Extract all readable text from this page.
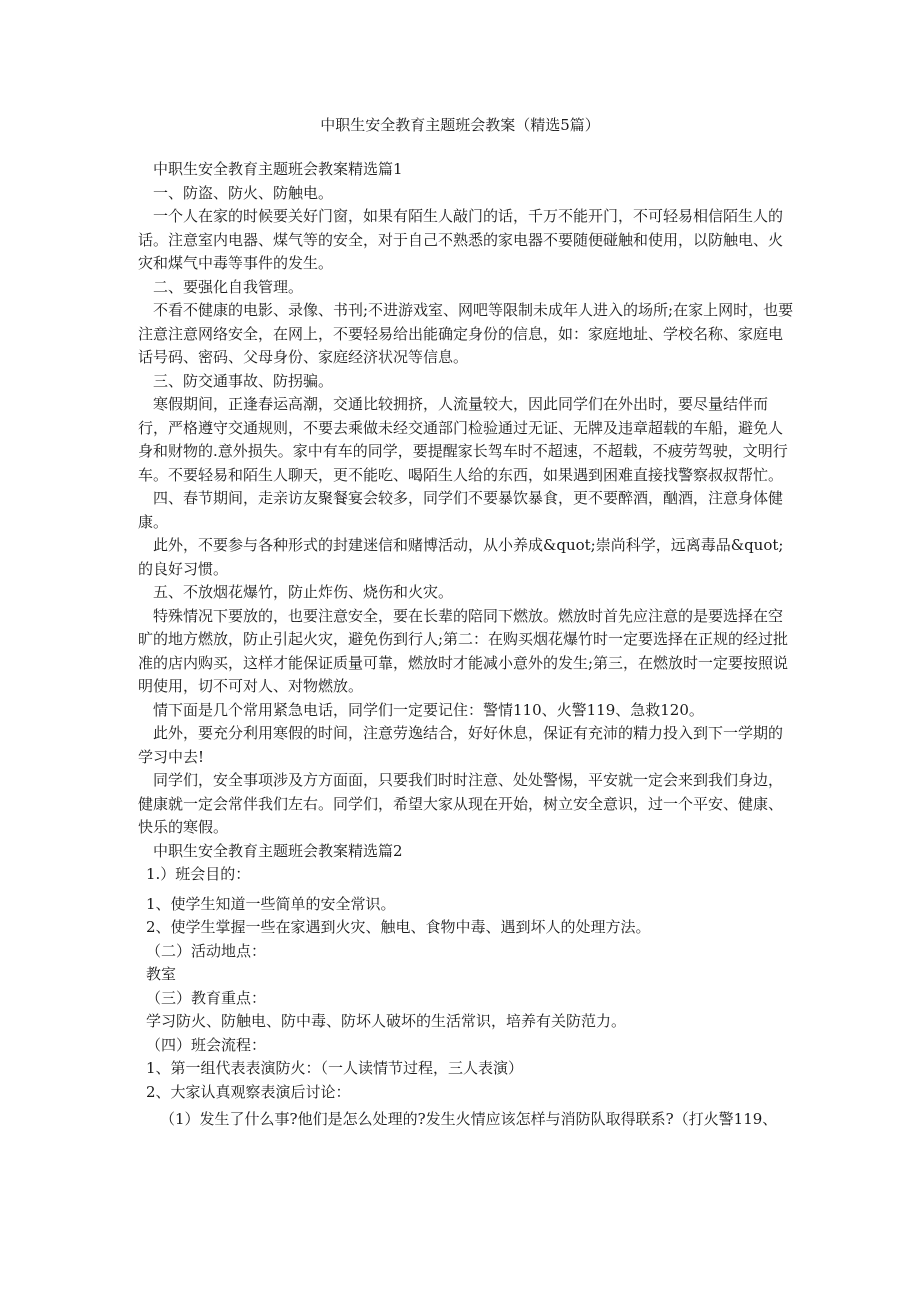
中职生安全教育主题班会教案（精选5篇）

中职生安全教育主题班会教案精选篇1

一、防盗、防火、防触电。

一个人在家的时候要关好门窗，如果有陌生人敲门的话，千万不能开门，不可轻易相信陌生人的话。注意室内电器、煤气等的安全，对于自己不熟悉的家电器不要随便碰触和使用，以防触电、火灾和煤气中毒等事件的发生。

二、要强化自我管理。

不看不健康的电影、录像、书刊;不进游戏室、网吧等限制未成年人进入的场所;在家上网时，也要注意注意网络安全，在网上，不要轻易给出能确定身份的信息，如：家庭地址、学校名称、家庭电话号码、密码、父母身份、家庭经济状况等信息。

三、防交通事故、防拐骗。

寒假期间，正逢春运高潮，交通比较拥挤，人流量较大，因此同学们在外出时，要尽量结伴而行，严格遵守交通规则，不要去乘做未经交通部门检验通过无证、无牌及违章超载的车船，避免人身和财物的.意外损失。家中有车的同学，要提醒家长驾车时不超速，不超载，不疲劳驾驶，文明行车。不要轻易和陌生人聊天，更不能吃、喝陌生人给的东西，如果遇到困难直接找警察叔叔帮忙。

四、春节期间，走亲访友聚餐宴会较多，同学们不要暴饮暴食，更不要醉酒，酗酒，注意身体健康。

此外，不要参与各种形式的封建迷信和赌博活动，从小养成&quot;崇尚科学，远离毒品&quot;的良好习惯。

五、不放烟花爆竹，防止炸伤、烧伤和火灾。

特殊情况下要放的，也要注意安全，要在长辈的陪同下燃放。燃放时首先应注意的是要选择在空旷的地方燃放，防止引起火灾，避免伤到行人;第二：在购买烟花爆竹时一定要选择在正规的经过批准的店内购买，这样才能保证质量可靠，燃放时才能减小意外的发生;第三，在燃放时一定要按照说明使用，切不可对人、对物燃放。

情下面是几个常用紧急电话，同学们一定要记住：警情110、火警119、急救120。

此外，要充分利用寒假的时间，注意劳逸结合，好好休息，保证有充沛的精力投入到下一学期的学习中去!

同学们，安全事项涉及方方面面，只要我们时时注意、处处警惕，平安就一定会来到我们身边，健康就一定会常伴我们左右。同学们，希望大家从现在开始，树立安全意识，过一个平安、健康、快乐的寒假。

中职生安全教育主题班会教案精选篇2

1.）班会目的：

1、使学生知道一些简单的安全常识。

2、使学生掌握一些在家遇到火灾、触电、食物中毒、遇到坏人的处理方法。

（二）活动地点：

教室

（三）教育重点：

学习防火、防触电、防中毒、防坏人破坏的生活常识，培养有关防范力。

（四）班会流程：

1、第一组代表表演防火：（一人读情节过程，三人表演）

2、大家认真观察表演后讨论：

（1）发生了什么事?他们是怎么处理的?发生火情应该怎样与消防队取得联系?（打火警119、
